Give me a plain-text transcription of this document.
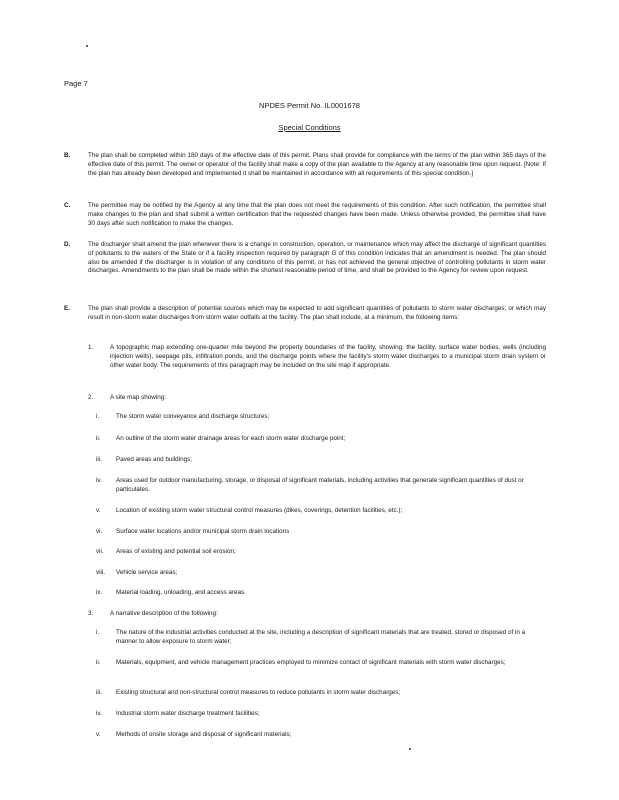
Page 7
NPDES Permit No. IL0001678
Special Conditions
B.	The plan shall be completed within 180 days of the effective date of this permit. Plans shall provide for compliance with the terms of the plan within 365 days of the effective date of this permit. The owner or operator of the facility shall make a copy of the plan available to the Agency at any reasonable time upon request. [Note: If the plan has already been developed and implemented it shall be maintained in accordance with all requirements of this special condition.]
C.	The permittee may be notified by the Agency at any time that the plan does not meet the requirements of this condition. After such notification, the permittee shall make changes to the plan and shall submit a written certification that the requested changes have been made. Unless otherwise provided, the permittee shall have 30 days after such notification to make the changes.
D.	The discharger shall amend the plan whenever there is a change in construction, operation, or maintenance which may affect the discharge of significant quantities of pollutants to the waters of the State or if a facility inspection required by paragraph G of this condition indicates that an amendment is needed. The plan should also be amended if the discharger is in violation of any conditions of this permit, or has not achieved the general objective of controlling pollutants in storm water discharges. Amendments to the plan shall be made within the shortest reasonable period of time, and shall be provided to the Agency for review upon request.
E.	The plan shall provide a description of potential sources which may be expected to add significant quantities of pollutants to storm water discharges, or which may result in non-storm water discharges from storm water outfalls at the facility. The plan shall include, at a minimum, the following items:
1.	A topographic map extending one-quarter mile beyond the property boundaries of the facility, showing: the facility, surface water bodies, wells (including injection wells), seepage pits, infiltration ponds, and the discharge points where the facility's storm water discharges to a municipal storm drain system or other water body. The requirements of this paragraph may be included on the site map if appropriate.
2.	A site map showing:
i.	The storm water conveyance and discharge structures;
ii.	An outline of the storm water drainage areas for each storm water discharge point;
iii.	Paved areas and buildings;
iv.	Areas used for outdoor manufacturing, storage, or disposal of significant materials, including activities that generate significant quantities of dust or particulates.
v.	Location of existing storm water structural control measures (dikes, coverings, detention facilities, etc.);
vi.	Surface water locations and/or municipal storm drain locations
vii.	Areas of existing and potential soil erosion;
viii.	Vehicle service areas;
ix.	Material loading, unloading, and access areas.
3.	A narrative description of the following:
i.	The nature of the industrial activities conducted at the site, including a description of significant materials that are treated, stored or disposed of in a manner to allow exposure to storm water;
ii.	Materials, equipment, and vehicle management practices employed to minimize contact of significant materials with storm water discharges;
iii.	Existing structural and non-structural control measures to reduce pollutants in storm water discharges;
iv.	Industrial storm water discharge treatment facilities;
v.	Methods of onsite storage and disposal of significant materials;
